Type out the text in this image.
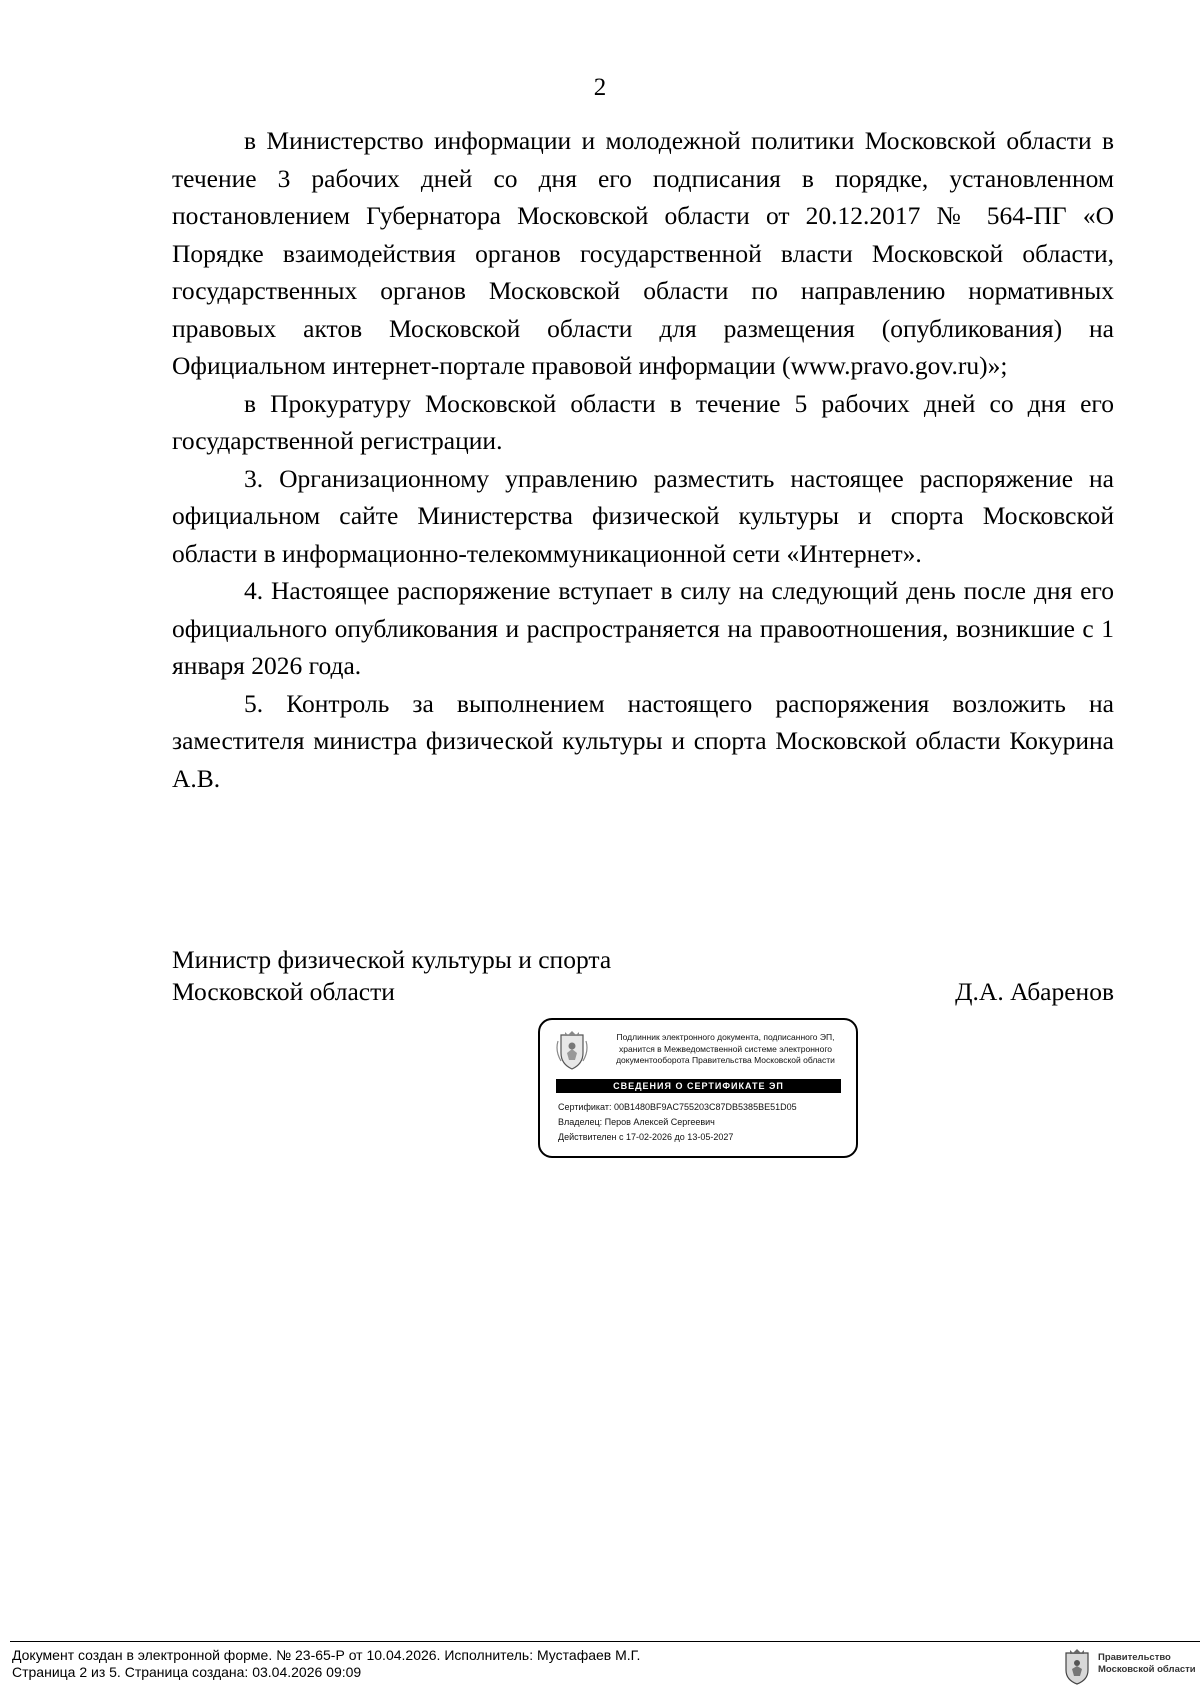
2

в Министерство информации и молодежной политики Московской области в течение 3 рабочих дней со дня его подписания в порядке, установленном постановлением Губернатора Московской области от 20.12.2017 № 564-ПГ «О Порядке взаимодействия органов государственной власти Московской области, государственных органов Московской области по направлению нормативных правовых актов Московской области для размещения (опубликования) на Официальном интернет-портале правовой информации (www.pravo.gov.ru)»;

в Прокуратуру Московской области в течение 5 рабочих дней со дня его государственной регистрации.

3. Организационному управлению разместить настоящее распоряжение на официальном сайте Министерства физической культуры и спорта Московской области в информационно-телекоммуникационной сети «Интернет».

4. Настоящее распоряжение вступает в силу на следующий день после дня его официального опубликования и распространяется на правоотношения, возникшие с 1 января 2026 года.

5. Контроль за выполнением настоящего распоряжения возложить на заместителя министра физической культуры и спорта Московской области Кокурина А.В.

Министр физической культуры и спорта
Московской области	Д.А. Абаренов
Подлинник электронного документа, подписанного ЭП,
хранится в Межведомственной системе электронного
документооборота Правительства Московской области
СВЕДЕНИЯ О СЕРТИФИКАТЕ ЭП
Сертификат: 00B1480BF9AC755203C87DB5385BE51D05
Владелец: Перов Алексей Сергеевич
Действителен с 17-02-2026 до 13-05-2027
Документ создан в электронной форме. № 23-65-Р от 10.04.2026. Исполнитель: Мустафаев М.Г.
Страница 2 из 5. Страница создана: 03.04.2026 09:09
Правительство
Московской области
